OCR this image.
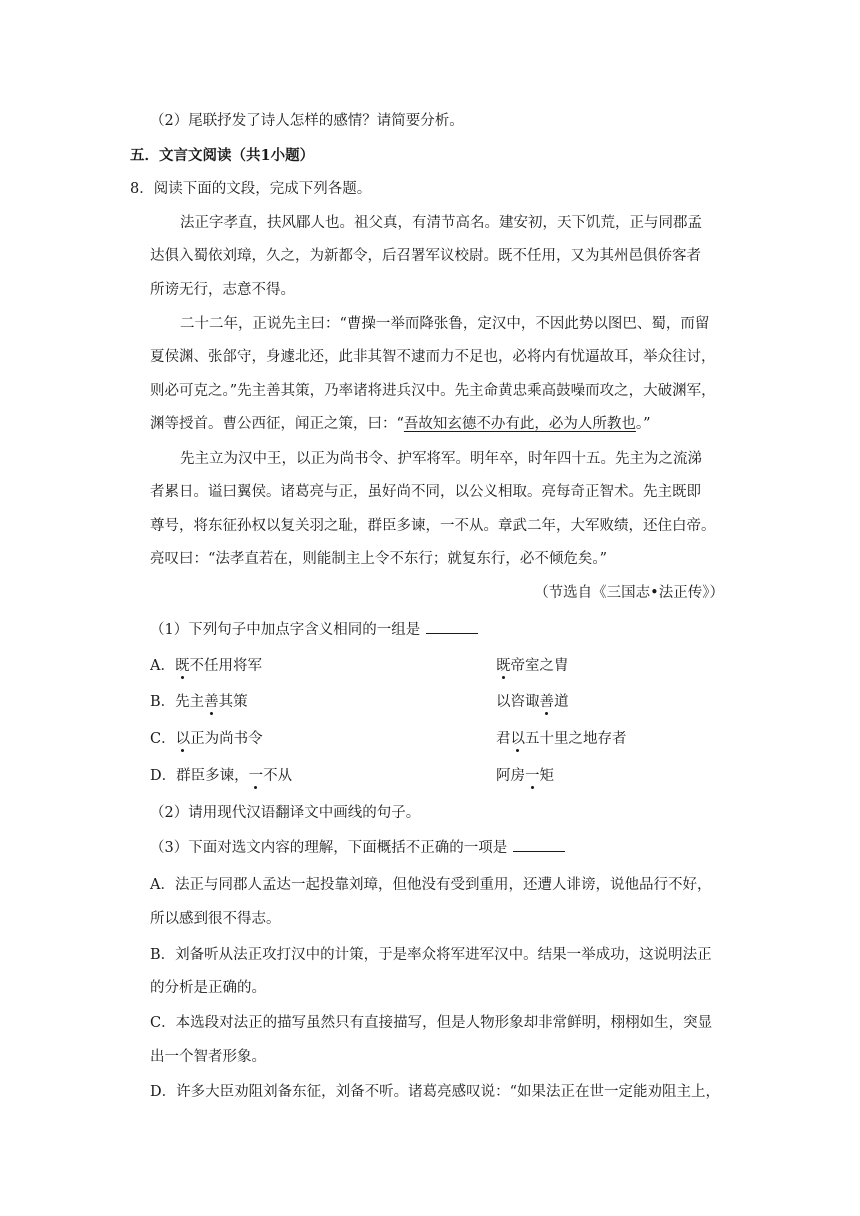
（2）尾联抒发了诗人怎样的感情？请简要分析。
五．文言文阅读（共1小题）
8．阅读下面的文段，完成下列各题。
法正字孝直，扶风郿人也。祖父真，有清节高名。建安初，天下饥荒，正与同郡孟
达俱入蜀依刘璋，久之，为新都令，后召署军议校尉。既不任用，又为其州邑俱侨客者
所谤无行，志意不得。
二十二年，正说先主曰：“曹操一举而降张鲁，定汉中，不因此势以图巴、蜀，而留
夏侯渊、张郃守，身遽北还，此非其智不逮而力不足也，必将内有忧逼故耳，举众往讨，
则必可克之。”先主善其策，乃率诸将进兵汉中。先主命黄忠乘高鼓噪而攻之，大破渊军，
渊等授首。曹公西征，闻正之策，曰：“吾故知玄德不办有此，必为人所教也。”
先主立为汉中王，以正为尚书令、护军将军。明年卒，时年四十五。先主为之流涕
者累日。谥曰翼侯。诸葛亮与正，虽好尚不同，以公义相取。亮每奇正智术。先主既即
尊号，将东征孙权以复关羽之耻，群臣多谏，一不从。章武二年，大军败绩，还住白帝。
亮叹曰：“法孝直若在，则能制主上令不东行；就复东行，必不倾危矣。”
（节选自《三国志•法正传》）
（1）下列句子中加点字含义相同的一组是
A．既不任用将军	既帝室之胄
B．先主善其策	以咨诹善道
C．以正为尚书令	君以五十里之地存者
D．群臣多谏，一不从	阿房一矩
（2）请用现代汉语翻译文中画线的句子。
（3）下面对选文内容的理解，下面概括不正确的一项是
A．法正与同郡人孟达一起投靠刘璋，但他没有受到重用，还遭人诽谤，说他品行不好，
所以感到很不得志。
B．刘备听从法正攻打汉中的计策，于是率众将军进军汉中。结果一举成功，这说明法正
的分析是正确的。
C．本选段对法正的描写虽然只有直接描写，但是人物形象却非常鲜明，栩栩如生，突显
出一个智者形象。
D．许多大臣劝阻刘备东征，刘备不听。诸葛亮感叹说：“如果法正在世一定能劝阻主上，
